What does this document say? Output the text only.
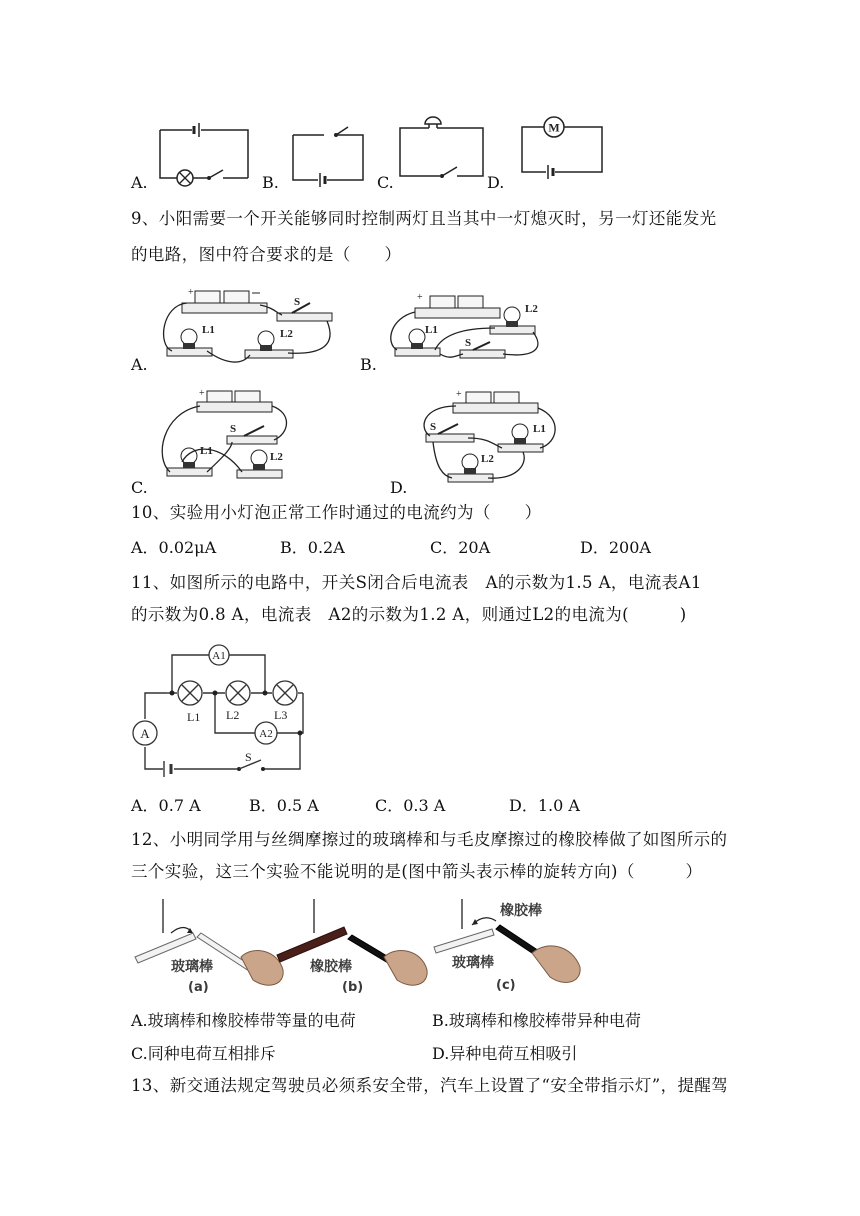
A.	B.	C.
M
D.
9、小阳需要一个开关能够同时控制两灯且当其中一灯熄灭时，另一灯还能发光
的电路，图中符合要求的是（　　）
+
S
L1	L2
A.
+
L2
L1
S
B.
+
S
L1	L2
C.
+
S	L1
L2
D.
10、实验用小灯泡正常工作时通过的电流约为（　　）
A．0.02μA	B．0.2A	C．20A	D．200A
11、如图所示的电路中，开关S闭合后电流表　A的示数为1.5 A，电流表A1
的示数为0.8 A，电流表　A2的示数为1.2 A，则通过L2的电流为(　　　)
A1
L1 L2	L3
A	A2
S
A．0.7 A	B．0.5 A	C．0.3 A	D．1.0 A
12、小明同学用与丝绸摩擦过的玻璃棒和与毛皮摩擦过的橡胶棒做了如图所示的
三个实验，这三个实验不能说明的是(图中箭头表示棒的旋转方向)（　　　）
玻璃棒
(a)
橡胶棒
(b)
橡胶棒
玻璃棒
(c)
A.玻璃棒和橡胶棒带等量的电荷	B.玻璃棒和橡胶棒带异种电荷
C.同种电荷互相排斥	D.异种电荷互相吸引
13、新交通法规定驾驶员必须系安全带，汽车上设置了“安全带指示灯”，提醒驾
